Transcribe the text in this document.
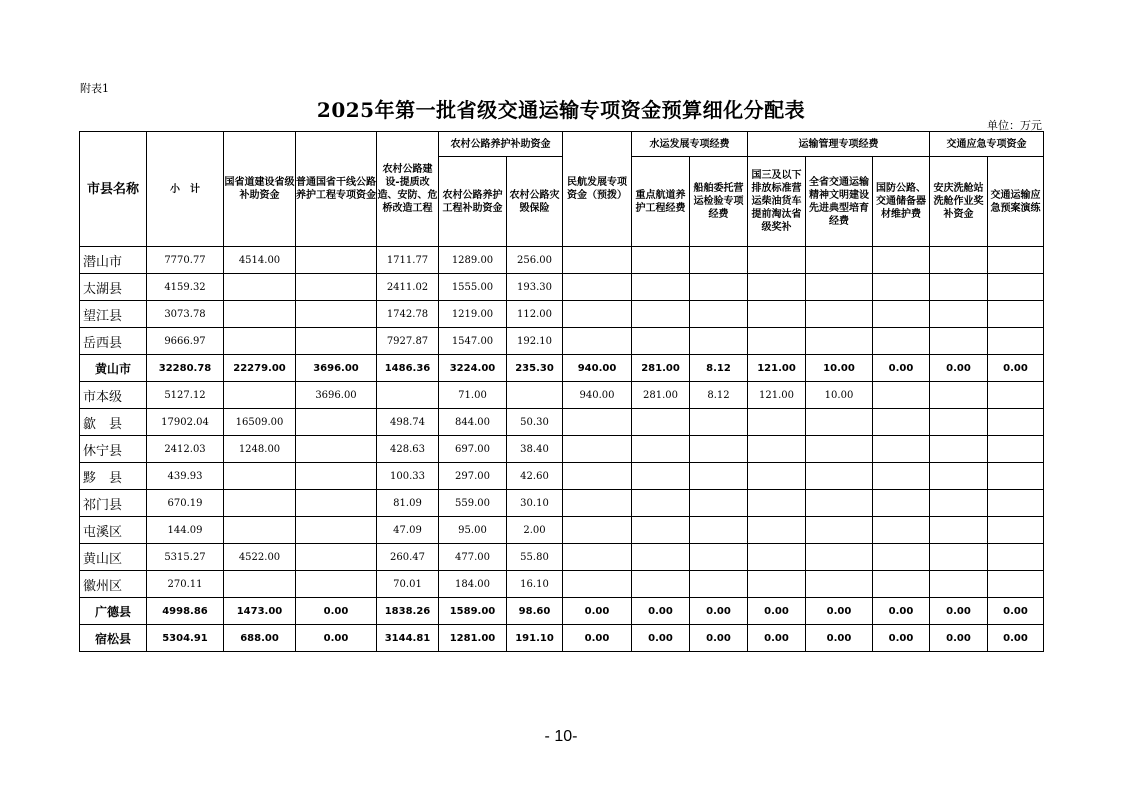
附表1
2025年第一批省级交通运输专项资金预算细化分配表
单位：万元
市县名称	小　计	国省道建设省级补助资金	普通国省干线公路养护工程专项资金	农村公路建设-提质改造、安防、危桥改造工程	农村公路养护补助资金		民航发展专项资金（预拨）	水运发展专项经费		运输管理专项经费			交通应急专项资金	
					农村公路养护工程补助资金	农村公路灾毁保险		重点航道养护工程经费	船舶委托营运检验专项经费	国三及以下排放标准营运柴油货车提前淘汰省级奖补	全省交通运输精神文明建设先进典型培育经费	国防公路、交通储备器材维护费	安庆洗舱站洗舱作业奖补资金	交通运输应急预案演练
潜山市	7770.77	4514.00		1711.77	1289.00	256.00								
太湖县	4159.32			2411.02	1555.00	193.30								
望江县	3073.78			1742.78	1219.00	112.00								
岳西县	9666.97			7927.87	1547.00	192.10								
黄山市	32280.78	22279.00	3696.00	1486.36	3224.00	235.30	940.00	281.00	8.12	121.00	10.00	0.00	0.00	0.00
市本级	5127.12		3696.00		71.00		940.00	281.00	8.12	121.00	10.00			
歙　县	17902.04	16509.00		498.74	844.00	50.30								
休宁县	2412.03	1248.00		428.63	697.00	38.40								
黟　县	439.93			100.33	297.00	42.60								
祁门县	670.19			81.09	559.00	30.10								
屯溪区	144.09			47.09	95.00	2.00								
黄山区	5315.27	4522.00		260.47	477.00	55.80								
徽州区	270.11			70.01	184.00	16.10								
广德县	4998.86	1473.00	0.00	1838.26	1589.00	98.60	0.00	0.00	0.00	0.00	0.00	0.00	0.00	0.00
宿松县	5304.91	688.00	0.00	3144.81	1281.00	191.10	0.00	0.00	0.00	0.00	0.00	0.00	0.00	0.00
- 10-
